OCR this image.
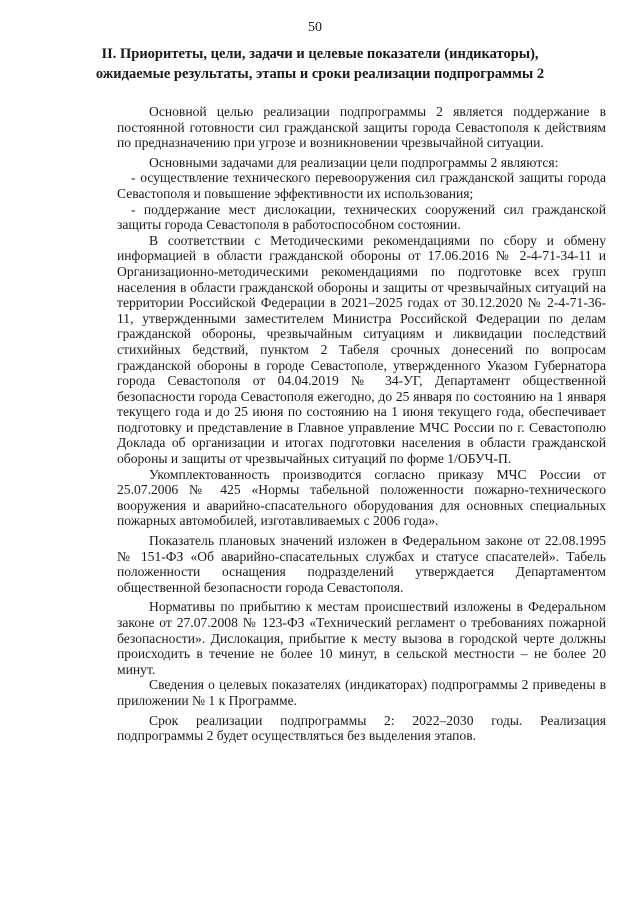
50
II. Приоритеты, цели, задачи и целевые показатели (индикаторы),
ожидаемые результаты, этапы и сроки реализации подпрограммы 2

Основной целью реализации подпрограммы 2 является поддержание в постоянной готовности сил гражданской защиты города Севастополя к действиям по предназначению при угрозе и возникновении чрезвычайной ситуации.

Основными задачами для реализации цели подпрограммы 2 являются:

- осуществление технического перевооружения сил гражданской защиты города Севастополя и повышение эффективности их использования;

- поддержание мест дислокации, технических сооружений сил гражданской защиты города Севастополя в работоспособном состоянии.

В соответствии с Методическими рекомендациями по сбору и обмену информацией в области гражданской обороны от 17.06.2016 № 2-4-71-34-11 и Организационно-методическими рекомендациями по подготовке всех групп населения в области гражданской обороны и защиты от чрезвычайных ситуаций на территории Российской Федерации в 2021–2025 годах от 30.12.2020 № 2-4-71-36-11, утвержденными заместителем Министра Российской Федерации по делам гражданской обороны, чрезвычайным ситуациям и ликвидации последствий стихийных бедствий, пунктом 2 Табеля срочных донесений по вопросам гражданской обороны в городе Севастополе, утвержденного Указом Губернатора города Севастополя от 04.04.2019 № 34-УГ, Департамент общественной безопасности города Севастополя ежегодно, до 25 января по состоянию на 1 января текущего года и до 25 июня по состоянию на 1 июня текущего года, обеспечивает подготовку и представление в Главное управление МЧС России по г. Севастополю Доклада об организации и итогах подготовки населения в области гражданской обороны и защиты от чрезвычайных ситуаций по форме 1/ОБУЧ-П.

Укомплектованность производится согласно приказу МЧС России от 25.07.2006 № 425 «Нормы табельной положенности пожарно-технического вооружения и аварийно-спасательного оборудования для основных специальных пожарных автомобилей, изготавливаемых с 2006 года».

Показатель плановых значений изложен в Федеральном законе от 22.08.1995 № 151-ФЗ «Об аварийно-спасательных службах и статусе спасателей». Табель положенности оснащения подразделений утверждается Департаментом общественной безопасности города Севастополя.

Нормативы по прибытию к местам происшествий изложены в Федеральном законе от 27.07.2008 № 123-ФЗ «Технический регламент о требованиях пожарной безопасности». Дислокация, прибытие к месту вызова в городской черте должны происходить в течение не более 10 минут, в сельской местности – не более 20 минут.

Сведения о целевых показателях (индикаторах) подпрограммы 2 приведены в приложении № 1 к Программе.

Срок реализации подпрограммы 2: 2022–2030 годы. Реализация подпрограммы 2 будет осуществляться без выделения этапов.
